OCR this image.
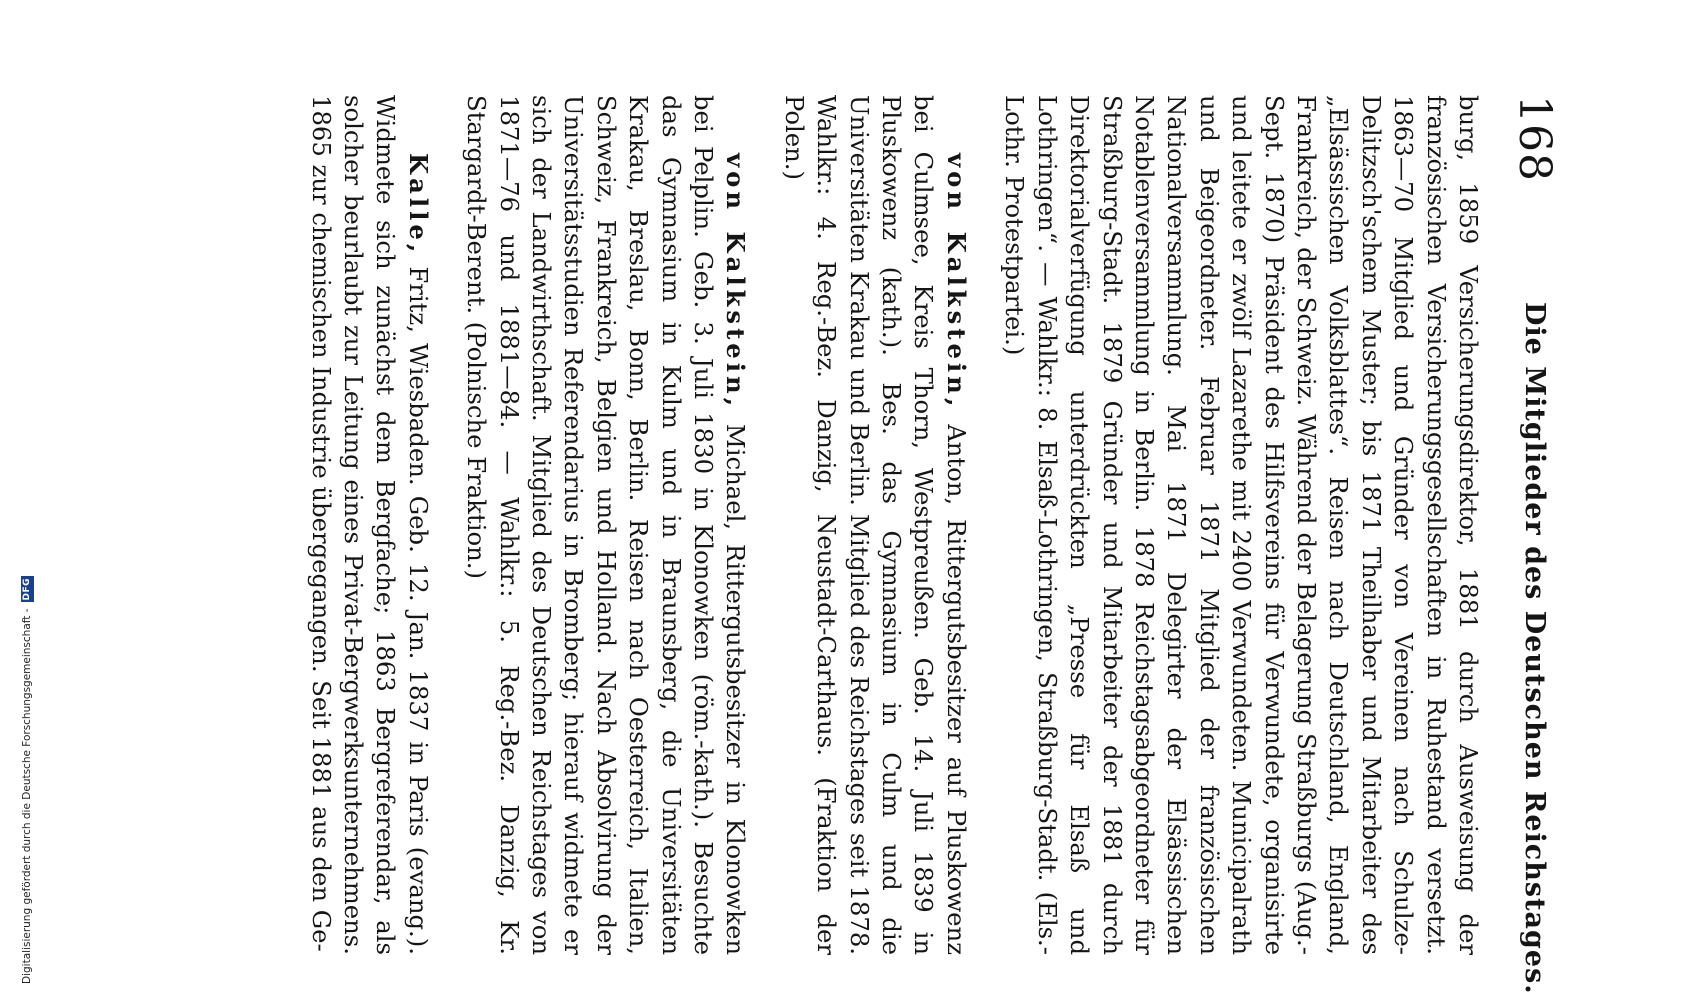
168
Die Mitglieder des Deutschen Reichstages.

burg, 1859 Versicherungsdirektor, 1881 durch Ausweisung der französischen Versicherungsgesellschaften in Ruhestand versetzt. 1863—70 Mitglied und Gründer von Vereinen nach Schulze-Delitzsch'schem Muster; bis 1871 Theilhaber und Mitarbeiter des „Elsässischen Volksblattes“. Reisen nach Deutschland, England, Frankreich, der Schweiz. Während der Belagerung Straßburgs (Aug.-Sept. 1870) Präsident des Hilfsvereins für Verwundete, organisirte und leitete er zwölf Lazarethe mit 2400 Verwundeten. Municipalrath und Beigeordneter. Februar 1871 Mitglied der französischen Nationalversammlung. Mai 1871 Delegirter der Elsässischen Notablenversammlung in Berlin. 1878 Reichstagsabgeordneter für Straßburg-Stadt. 1879 Gründer und Mitarbeiter der 1881 durch Direktorialverfügung unterdrückten „Presse für Elsaß und Lothringen“. — Wahlkr.: 8. Elsaß-Lothringen, Straßburg-Stadt. (Els.-Lothr. Protestpartei.)

von Kalkstein, Anton, Rittergutsbesitzer auf Pluskowenz bei Culmsee, Kreis Thorn, Westpreußen. Geb. 14. Juli 1839 in Pluskowenz (kath.). Bes. das Gymnasium in Culm und die Universitäten Krakau und Berlin. Mitglied des Reichstages seit 1878. Wahlkr.: 4. Reg.-Bez. Danzig, Neustadt-Carthaus. (Fraktion der Polen.)

von Kalkstein, Michael, Rittergutsbesitzer in Klonowken bei Pelplin. Geb. 3. Juli 1830 in Klonowken (röm.-kath.). Besuchte das Gymnasium in Kulm und in Braunsberg, die Universitäten Krakau, Breslau, Bonn, Berlin. Reisen nach Oesterreich, Italien, Schweiz, Frankreich, Belgien und Holland. Nach Absolvirung der Universitätsstudien Referendarius in Bromberg; hierauf widmete er sich der Landwirthschaft. Mitglied des Deutschen Reichstages von 1871—76 und 1881—84. — Wahlkr.: 5. Reg.-Bez. Danzig, Kr. Stargardt-Berent. (Polnische Fraktion.)

Kalle, Fritz, Wiesbaden. Geb. 12. Jan. 1837 in Paris (evang.). Widmete sich zunächst dem Bergfache; 1863 Bergreferendar, als solcher beurlaubt zur Leitung eines Privat-Bergwerksunternehmens. 1865 zur chemischen Industrie übergegangen. Seit 1881 aus den Ge-

Digitalisierung gefördert durch die Deutsche Forschungsgemeinschaft -
DFG
